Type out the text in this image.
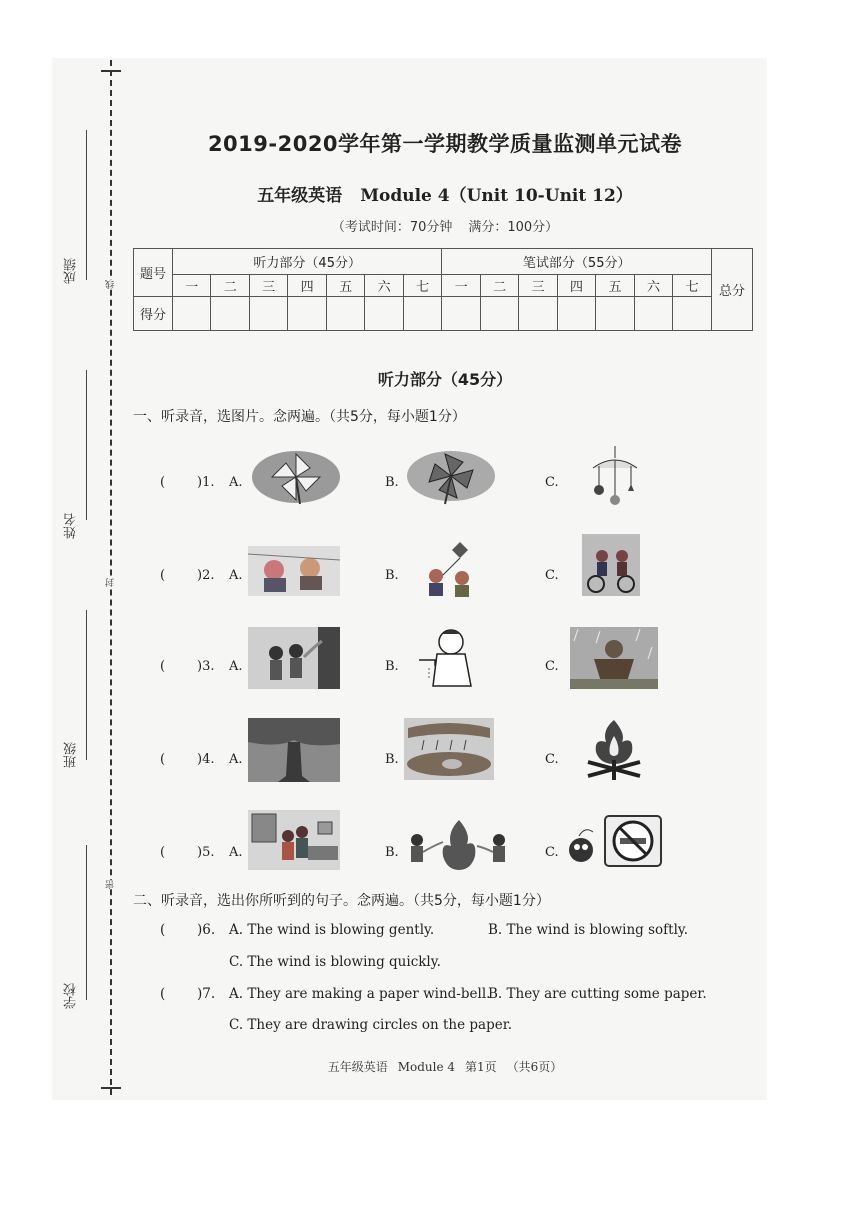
成绩
姓名
班级
学校
线
封
密
2019-2020学年第一学期教学质量监测单元试卷
五年级英语 Module 4（Unit 10-Unit 12）
（考试时间：70分钟 满分：100分）
题号	听力部分（45分）							笔试部分（55分）							总分
	一	二	三	四	五	六	七	一	二	三	四	五	六	七	
得分															
听力部分（45分）
一、听录音，选图片。念两遍。（共5分，每小题1分）
( )1. A.	B.	C.
( )2. A.	B.	C.
( )3. A.	B.	C.
( )4. A.	B.	C.
( )5. A.	B.	C.
二、听录音，选出你所听到的句子。念两遍。（共5分，每小题1分）
( )6. A. The wind is blowing gently.	B. The wind is blowing softly.
C. The wind is blowing quickly.
( )7. A. They are making a paper wind-bell.
B. They are cutting some paper.
C. They are drawing circles on the paper.
五年级英语 Module 4 第1页 （共6页）
